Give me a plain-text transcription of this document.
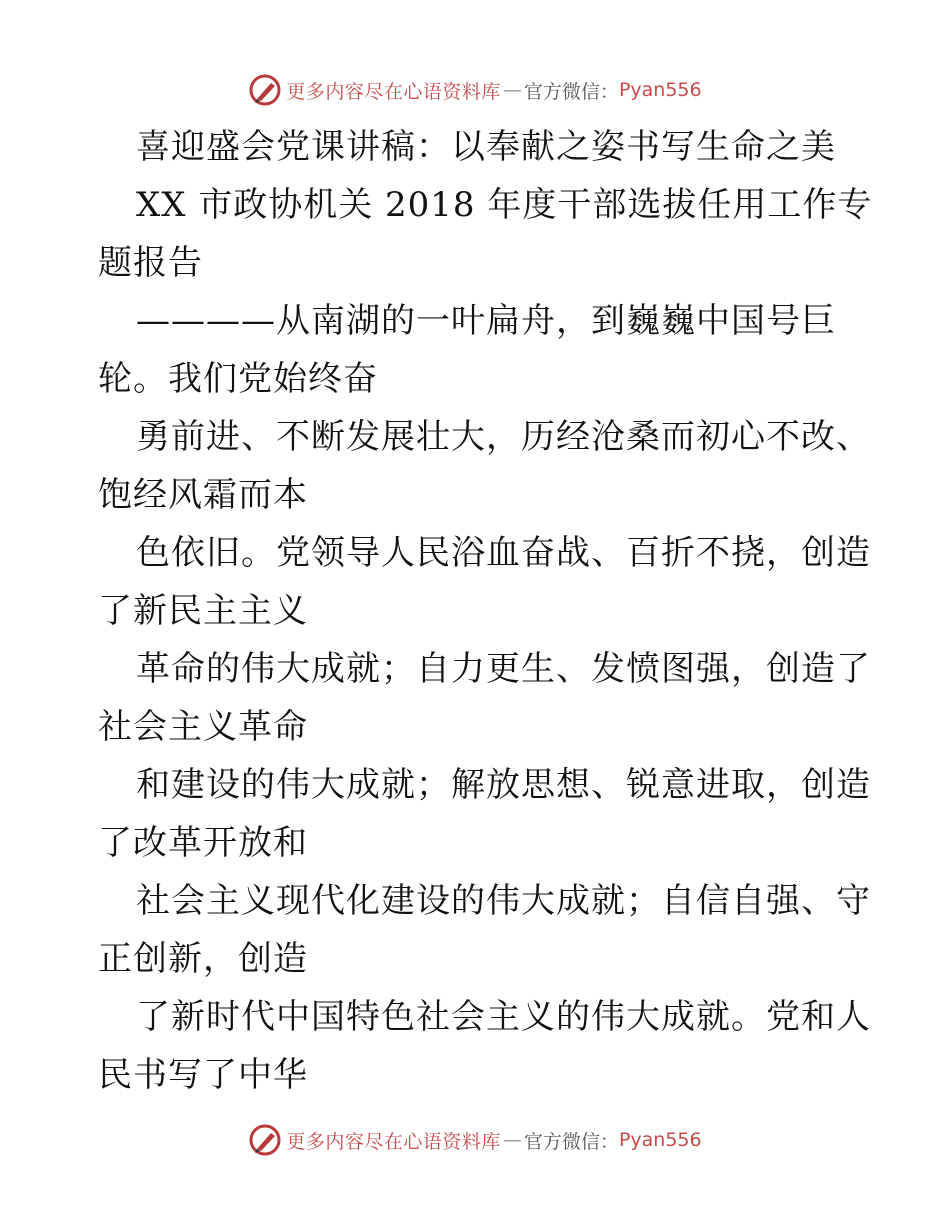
更多内容尽在心语资料库 — 官方微信： Pyan556
喜迎盛会党课讲稿：以奉献之姿书写生命之美
XX 市政协机关 2018 年度干部选拔任用工作专
题报告
————从南湖的一叶扁舟，到巍巍中国号巨
轮。我们党始终奋
勇前进、不断发展壮大，历经沧桑而初心不改、
饱经风霜而本
色依旧。党领导人民浴血奋战、百折不挠，创造
了新民主主义
革命的伟大成就；自力更生、发愤图强，创造了
社会主义革命
和建设的伟大成就；解放思想、锐意进取，创造
了改革开放和
社会主义现代化建设的伟大成就；自信自强、守
正创新，创造
了新时代中国特色社会主义的伟大成就。党和人
民书写了中华
更多内容尽在心语资料库 — 官方微信： Pyan556
